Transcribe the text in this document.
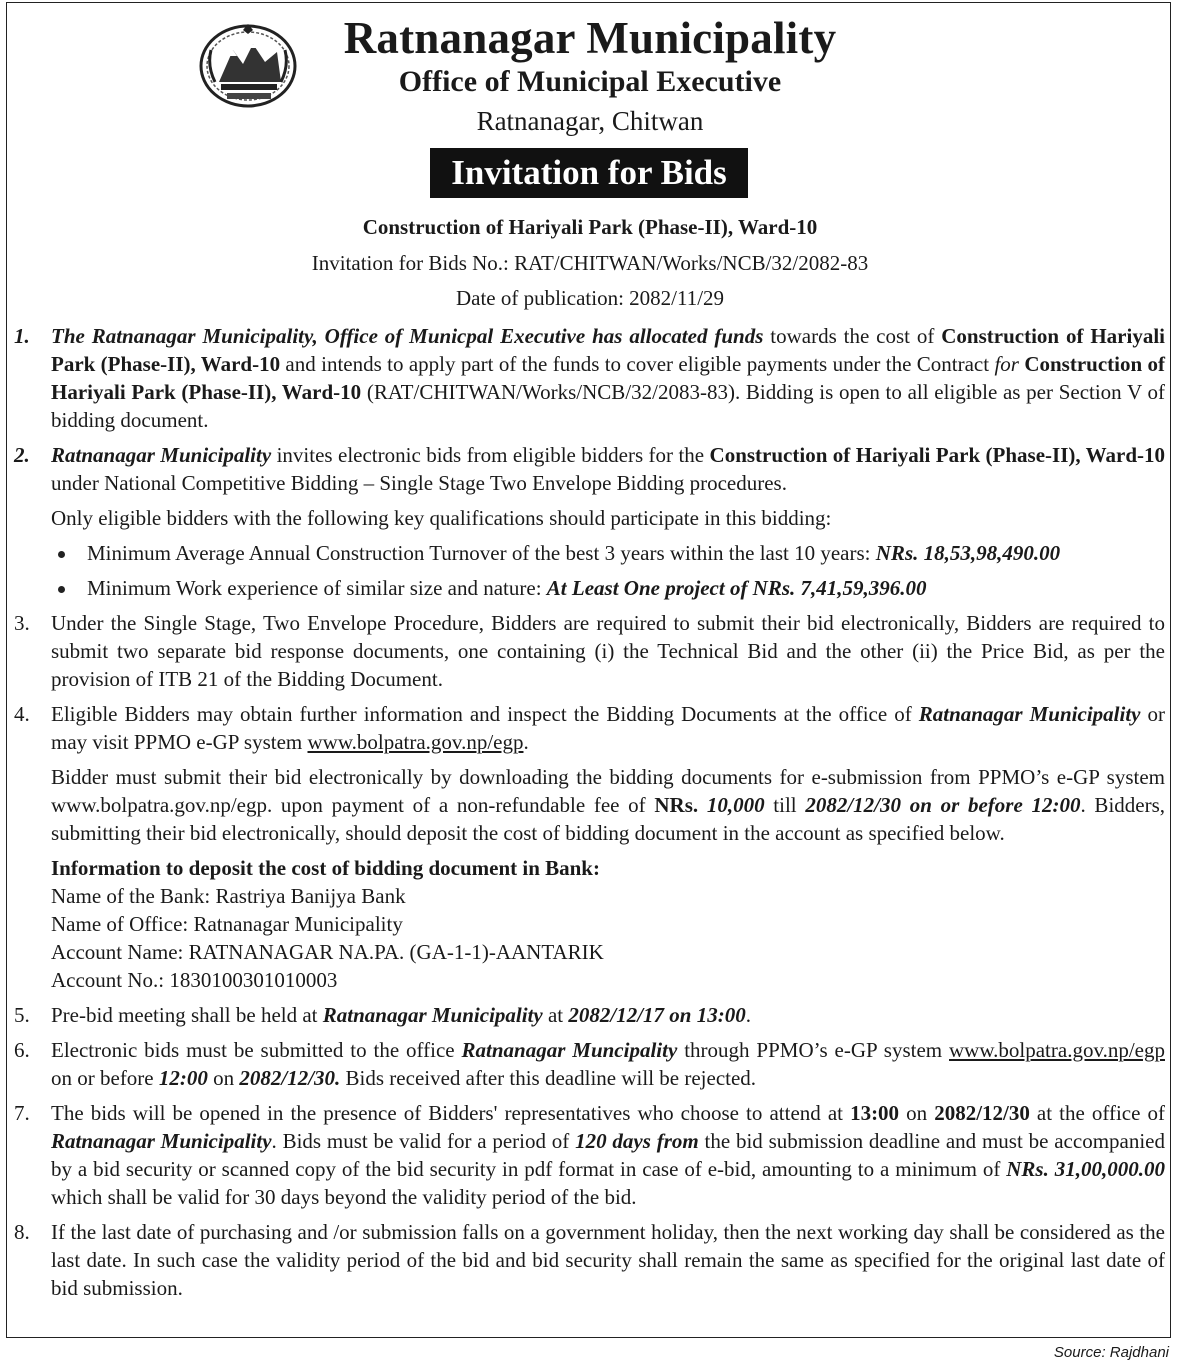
Ratnanagar Municipality
Office of Municipal Executive
Ratnanagar, Chitwan
Invitation for Bids
Construction of Hariyali Park (Phase-II), Ward-10
Invitation for Bids No.: RAT/CHITWAN/Works/NCB/32/2082-83
Date of publication: 2082/11/29
1. The Ratnanagar Municipality, Office of Municpal Executive has allocated funds towards the cost of Construction of Hariyali Park (Phase-II), Ward-10 and intends to apply part of the funds to cover eligible payments under the Contract for Construction of Hariyali Park (Phase-II), Ward-10 (RAT/CHITWAN/Works/NCB/32/2083-83). Bidding is open to all eligible as per Section V of bidding document.

2. Ratnanagar Municipality invites electronic bids from eligible bidders for the Construction of Hariyali Park (Phase-II), Ward-10 under National Competitive Bidding – Single Stage Two Envelope Bidding procedures.

Only eligible bidders with the following key qualifications should participate in this bidding:

Minimum Average Annual Construction Turnover of the best 3 years within the last 10 years: NRs. 18,53,98,490.00
Minimum Work experience of similar size and nature: At Least One project of NRs. 7,41,59,396.00
3. Under the Single Stage, Two Envelope Procedure, Bidders are required to submit their bid electronically, Bidders are required to submit two separate bid response documents, one containing (i) the Technical Bid and the other (ii) the Price Bid, as per the provision of ITB 21 of the Bidding Document.

4. Eligible Bidders may obtain further information and inspect the Bidding Documents at the office of Ratnanagar Municipality or may visit PPMO e-GP system www.bolpatra.gov.np/egp.

Bidder must submit their bid electronically by downloading the bidding documents for e-submission from PPMO’s e-GP system www.bolpatra.gov.np/egp. upon payment of a non-refundable fee of NRs. 10,000 till 2082/12/30 on or before 12:00. Bidders, submitting their bid electronically, should deposit the cost of bidding document in the account as specified below.

Information to deposit the cost of bidding document in Bank:
Name of the Bank: Rastriya Banijya Bank
Name of Office: Ratnanagar Municipality
Account Name: RATNANAGAR NA.PA. (GA-1-1)-AANTARIK
Account No.: 1830100301010003
5. Pre-bid meeting shall be held at Ratnanagar Municipality at 2082/12/17 on 13:00.

6. Electronic bids must be submitted to the office Ratnanagar Muncipality through PPMO’s e-GP system www.bolpatra.gov.np/egp on or before 12:00 on 2082/12/30. Bids received after this deadline will be rejected.

7. The bids will be opened in the presence of Bidders' representatives who choose to attend at 13:00 on 2082/12/30 at the office of Ratnanagar Municipality. Bids must be valid for a period of 120 days from the bid submission deadline and must be accompanied by a bid security or scanned copy of the bid security in pdf format in case of e-bid, amounting to a minimum of NRs. 31,00,000.00 which shall be valid for 30 days beyond the validity period of the bid.

8. If the last date of purchasing and /or submission falls on a government holiday, then the next working day shall be considered as the last date. In such case the validity period of the bid and bid security shall remain the same as specified for the original last date of bid submission.

Source: Rajdhani
